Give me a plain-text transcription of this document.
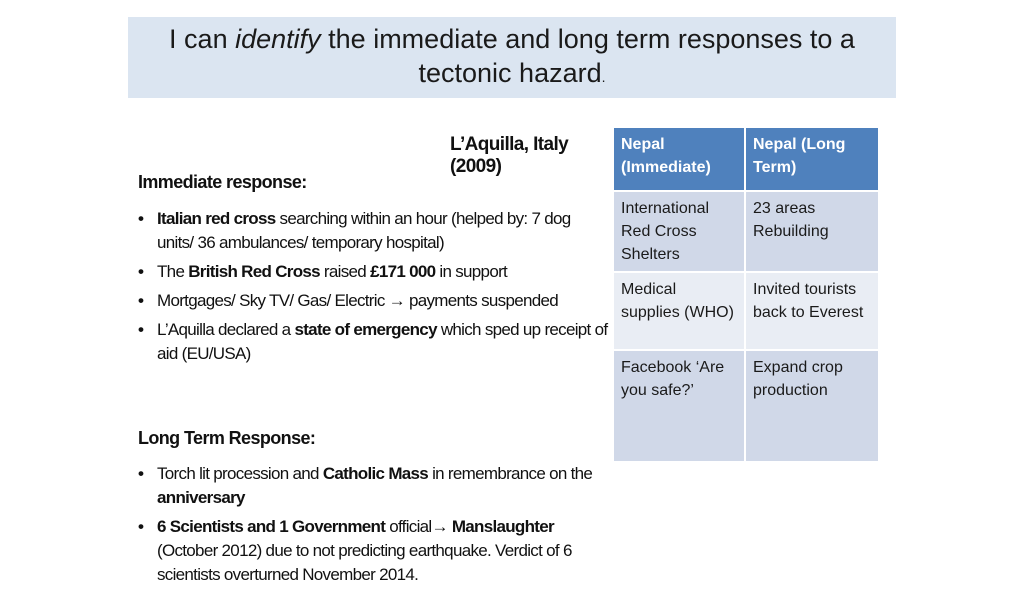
I can identify the immediate and long term responses to a tectonic hazard.
L’Aquilla, Italy (2009)
Immediate response:
• Italian red cross searching within an hour (helped by: 7 dog units/ 36 ambulances/ temporary hospital)
• The British Red Cross raised £171 000 in support
• Mortgages/ Sky TV/ Gas/ Electric → payments suspended
• L’Aquilla declared a state of emergency which sped up receipt of aid (EU/USA)
Long Term Response:
• Torch lit procession and Catholic Mass in remembrance on the anniversary
• 6 Scientists and 1 Government official→ Manslaughter (October 2012) due to not predicting earthquake. Verdict of 6 scientists overturned November 2014.
Nepal (Immediate)	Nepal (Long Term)
International Red Cross Shelters	23 areas Rebuilding
Medical supplies (WHO)	Invited tourists back to Everest
Facebook ‘Are you safe?’	Expand crop production
